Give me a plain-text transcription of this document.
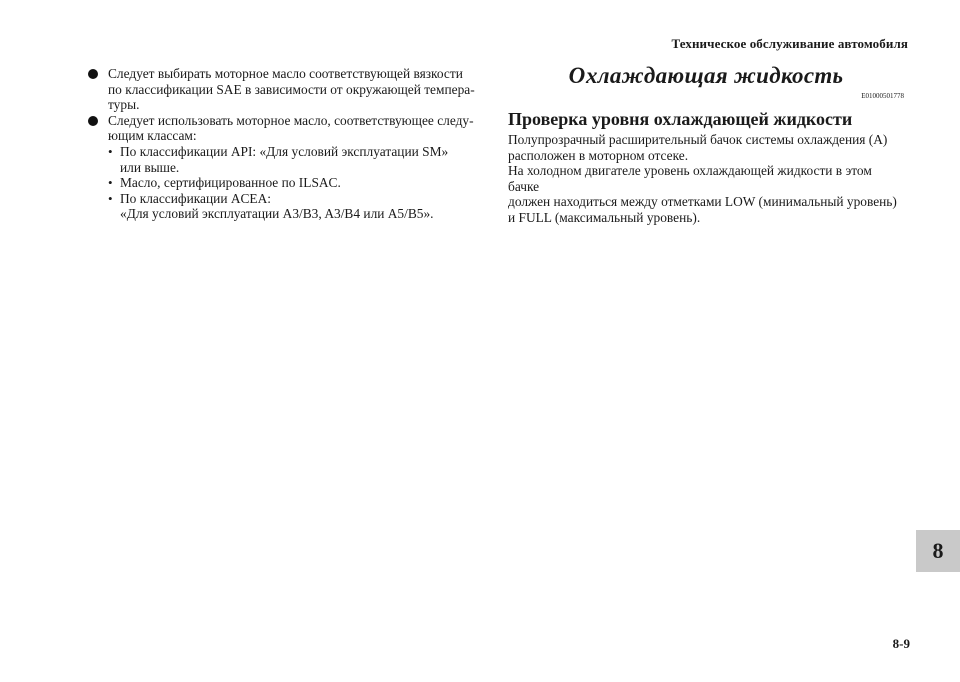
Техническое обслуживание автомобиля
Следует выбирать моторное масло соответствующей вязкости
по классификации SAE в зависимости от окружающей темпера-
туры.
Следует использовать моторное масло, соответствующее следу-
ющим классам:
• По классификации API: «Для условий эксплуатации SM»
или выше.
• Масло, сертифицированное по ILSAC.
• По классификации ACEA:
«Для условий эксплуатации A3/B3, A3/B4 или A5/B5».
Охлаждающая жидкость
E01000501778
Проверка уровня охлаждающей жидкости
Полупрозрачный расширительный бачок системы охлаждения (A)
расположен в моторном отсеке.
На холодном двигателе уровень охлаждающей жидкости в этом бачке
должен находиться между отметками LOW (минимальный уровень)
и FULL (максимальный уровень).
8
8-9
